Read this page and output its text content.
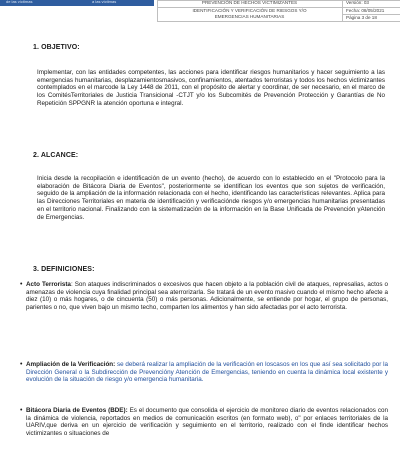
de las víctimas	a las víctimas	PREVENCIÓN DE HECHOS VICTIMIZANTES
IDENTIFICACIÓN Y VERIFICACIÓN DE RIESGOS Y/O
EMERGENCIAS HUMANITARIAS
Versión: 03
Fecha: 08/05/2021
Página 3 de 18
1. OBJETIVO:
Implementar, con las entidades competentes, las acciones para identificar riesgos humanitarios y hacer seguimiento a las emergencias humanitarias, desplazamientosmasivos, confinamientos, atentados terroristas y todos los hechos victimizantes contemplados en el marcode la Ley 1448 de 2011, con el propósito de alertar y coordinar, de ser necesario, en el marco de los ComitésTerritoriales de Justicia Transicional -CTJT y/o los Subcomités de Prevención Protección y Garantías de No Repetición SPPGNR la atención oportuna e integral.
2. ALCANCE:
Inicia desde la recopilación e identificación de un evento (hecho), de acuerdo con lo establecido en el "Protocolo para la elaboración de Bitácora Diaria de Eventos", posteriormente se identifican los eventos que son sujetos de verificación, seguido de la ampliación de la información relacionada con el hecho, identificando las características relevantes. Aplica para las Direcciones Territoriales en materia de identificación y verificaciónde riesgos y/o emergencias humanitarias presentadas en el territorio nacional. Finalizando con la sistematización de la información en la Base Unificada de Prevención yAtención de Emergencias.
3. DEFINICIONES:
• Acto Terrorista: Son ataques indiscriminados o excesivos que hacen objeto a la población civil de ataques, represalias, actos o amenazas de violencia cuya finalidad principal sea aterrorizarla. Se tratará de un evento masivo cuando el mismo hecho afecte a diez (10) o más hogares, o de cincuenta (50) o más personas. Adicionalmente, se entiende por hogar, el grupo de personas, parientes o no, que viven bajo un mismo techo, comparten los alimentos y han sido afectadas por el acto terrorista.
• Ampliación de la Verificación: se deberá realizar la ampliación de la verificación en loscasos en los que así sea solicitado por la Dirección General o la Subdirección de Prevencióny Atención de Emergencias, teniendo en cuenta la dinámica local existente y evolución de la situación de riesgo y/o emergencia humanitaria.
• Bitácora Diaria de Eventos (BDE): Es el documento que consolida el ejercicio de monitoreo diario de eventos relacionados con la dinámica de violencia, reportados en medios de comunicación escritos (en formato web), o" por enlaces territoriales de la UARIV,que deriva en un ejercicio de verificación y seguimiento en el territorio, realizado con el finde identificar hechos victimizantes o situaciones de
